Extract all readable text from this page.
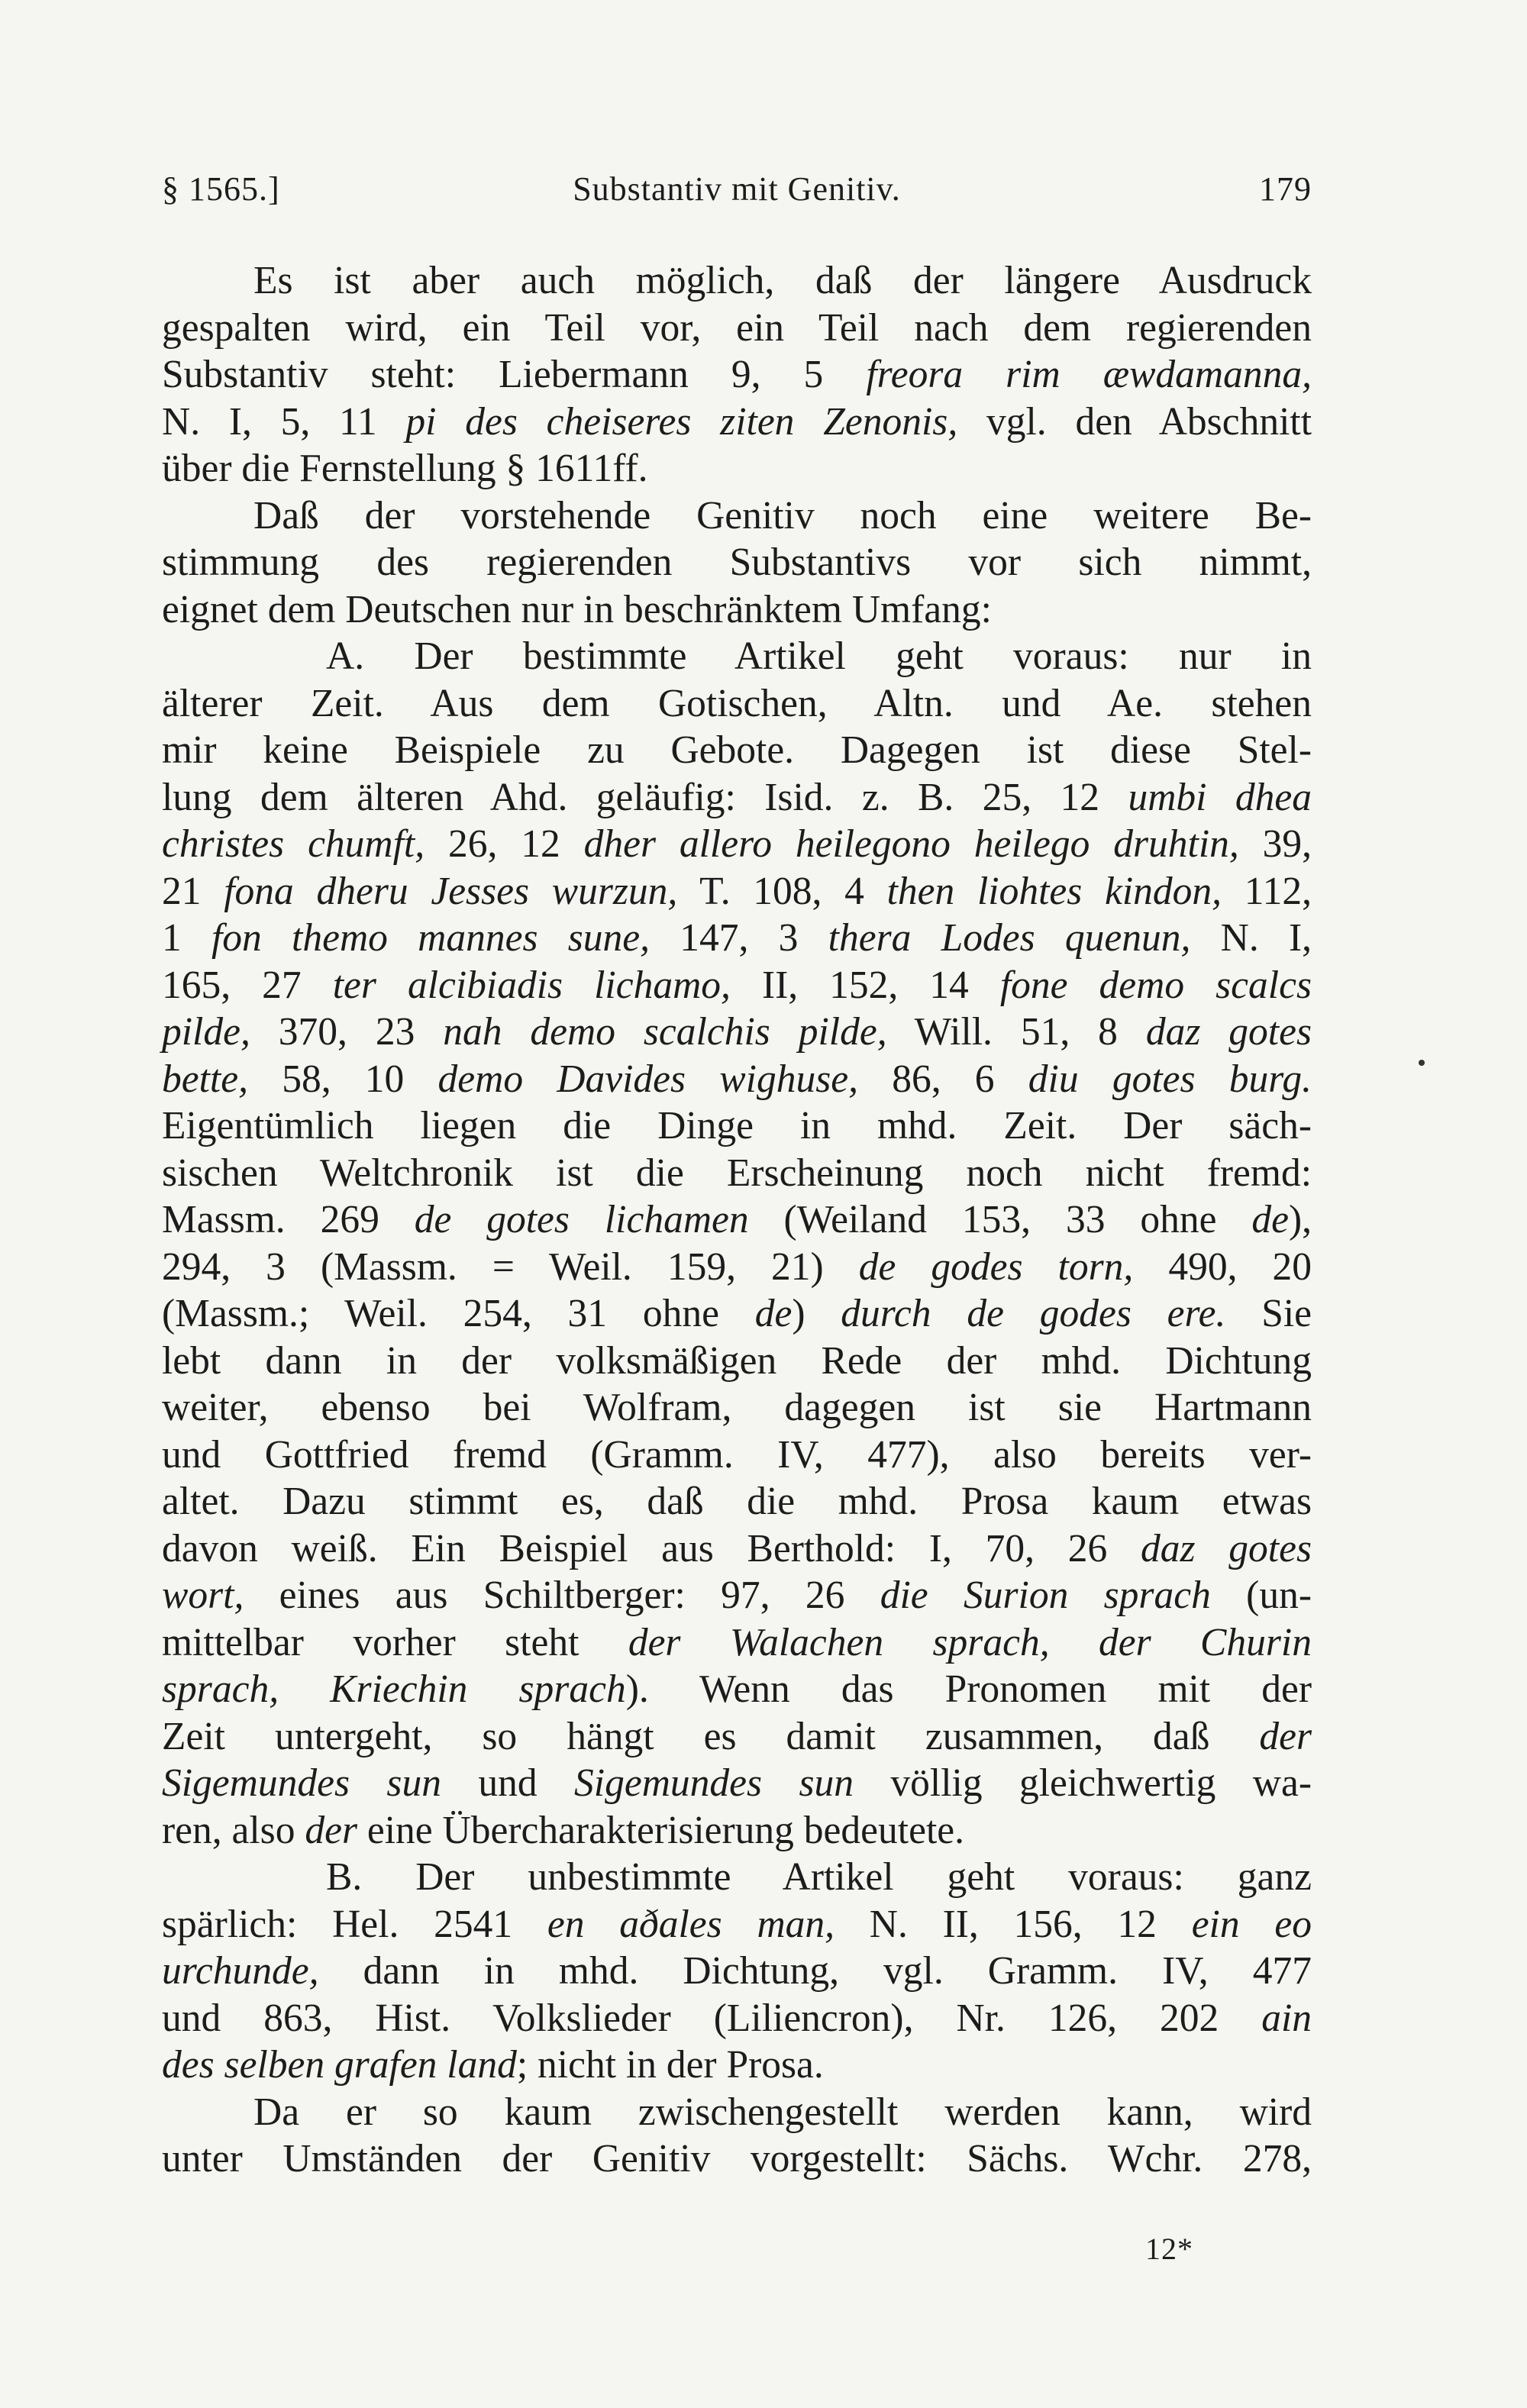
§ 1565.]	Substantiv mit Genitiv.	179
Es ist aber auch möglich, daß der längere Ausdruck
gespalten wird, ein Teil vor, ein Teil nach dem regierenden
Substantiv steht: Liebermann 9, 5 freora rim æwdamanna,
N. I, 5, 11 pi des cheiseres ziten Zenonis, vgl. den Abschnitt
über die Fernstellung § 1611ff.
Daß der vorstehende Genitiv noch eine weitere Be-
stimmung des regierenden Substantivs vor sich nimmt,
eignet dem Deutschen nur in beschränktem Umfang:
A. Der bestimmte Artikel geht voraus: nur in
älterer Zeit. Aus dem Gotischen, Altn. und Ae. stehen
mir keine Beispiele zu Gebote. Dagegen ist diese Stel-
lung dem älteren Ahd. geläufig: Isid. z. B. 25, 12 umbi dhea
christes chumft, 26, 12 dher allero heilegono heilego druhtin, 39,
21 fona dheru Jesses wurzun, T. 108, 4 then liohtes kindon, 112,
1 fon themo mannes sune, 147, 3 thera Lodes quenun, N. I,
165, 27 ter alcibiadis lichamo, II, 152, 14 fone demo scalcs
pilde, 370, 23 nah demo scalchis pilde, Will. 51, 8 daz gotes
bette, 58, 10 demo Davides wighuse, 86, 6 diu gotes burg.
Eigentümlich liegen die Dinge in mhd. Zeit. Der säch-
sischen Weltchronik ist die Erscheinung noch nicht fremd:
Massm. 269 de gotes lichamen (Weiland 153, 33 ohne de),
294, 3 (Massm. = Weil. 159, 21) de godes torn, 490, 20
(Massm.; Weil. 254, 31 ohne de) durch de godes ere. Sie
lebt dann in der volksmäßigen Rede der mhd. Dichtung
weiter, ebenso bei Wolfram, dagegen ist sie Hartmann
und Gottfried fremd (Gramm. IV, 477), also bereits ver-
altet. Dazu stimmt es, daß die mhd. Prosa kaum etwas
davon weiß. Ein Beispiel aus Berthold: I, 70, 26 daz gotes
wort, eines aus Schiltberger: 97, 26 die Surion sprach (un-
mittelbar vorher steht der Walachen sprach, der Churin
sprach, Kriechin sprach). Wenn das Pronomen mit der
Zeit untergeht, so hängt es damit zusammen, daß der
Sigemundes sun und Sigemundes sun völlig gleichwertig wa-
ren, also der eine Übercharakterisierung bedeutete.
B. Der unbestimmte Artikel geht voraus: ganz
spärlich: Hel. 2541 en aðales man, N. II, 156, 12 ein eo
urchunde, dann in mhd. Dichtung, vgl. Gramm. IV, 477
und 863, Hist. Volkslieder (Liliencron), Nr. 126, 202 ain
des selben grafen land; nicht in der Prosa.
Da er so kaum zwischengestellt werden kann, wird
unter Umständen der Genitiv vorgestellt: Sächs. Wchr. 278,
12*
